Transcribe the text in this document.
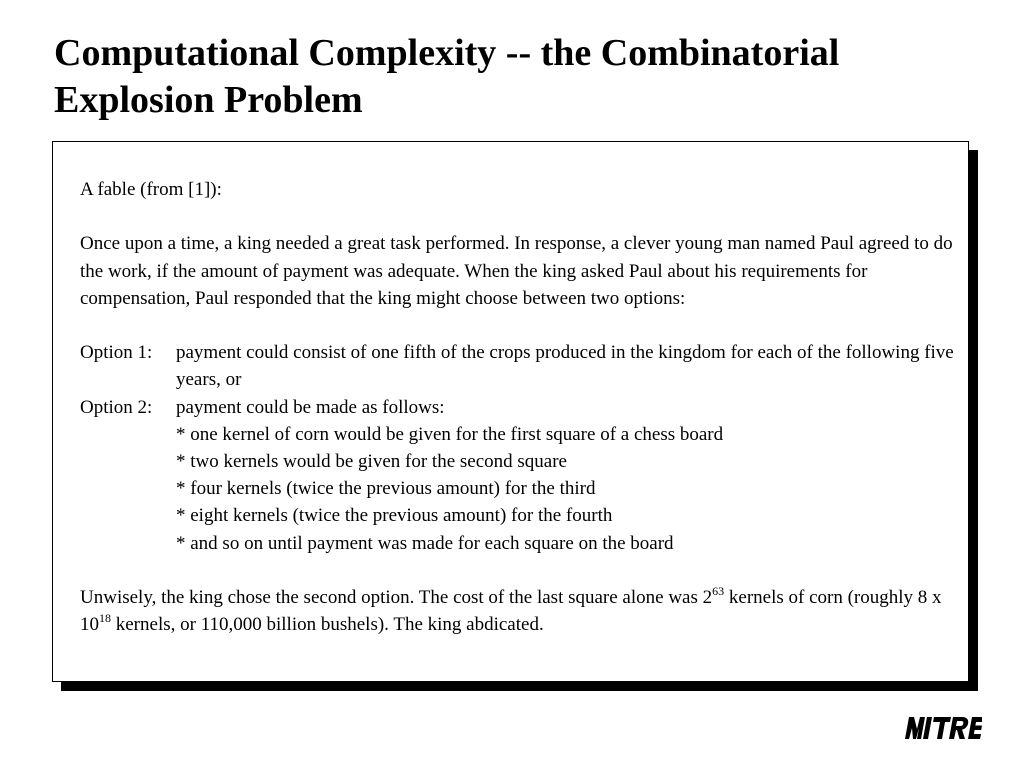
Computational Complexity -- the Combinatorial Explosion Problem

A fable (from [1]):

Once upon a time, a king needed a great task performed. In response, a clever young man named Paul agreed to do the work, if the amount of payment was adequate. When the king asked Paul about his requirements for compensation, Paul responded that the king might choose between two options:

Option 1:	payment could consist of one fifth of the crops produced in the kingdom for each of the following five years, or
Option 2:	payment could be made as follows:

* one kernel of corn would be given for the first square of a chess board

* two kernels would be given for the second square

* four kernels (twice the previous amount) for the third

* eight kernels (twice the previous amount) for the fourth

* and so on until payment was made for each square on the board

Unwisely, the king chose the second option. The cost of the last square alone was $2^{63}$ kernels of corn (roughly 8 x $10^{18}$ kernels, or 110,000 billion bushels). The king abdicated.
